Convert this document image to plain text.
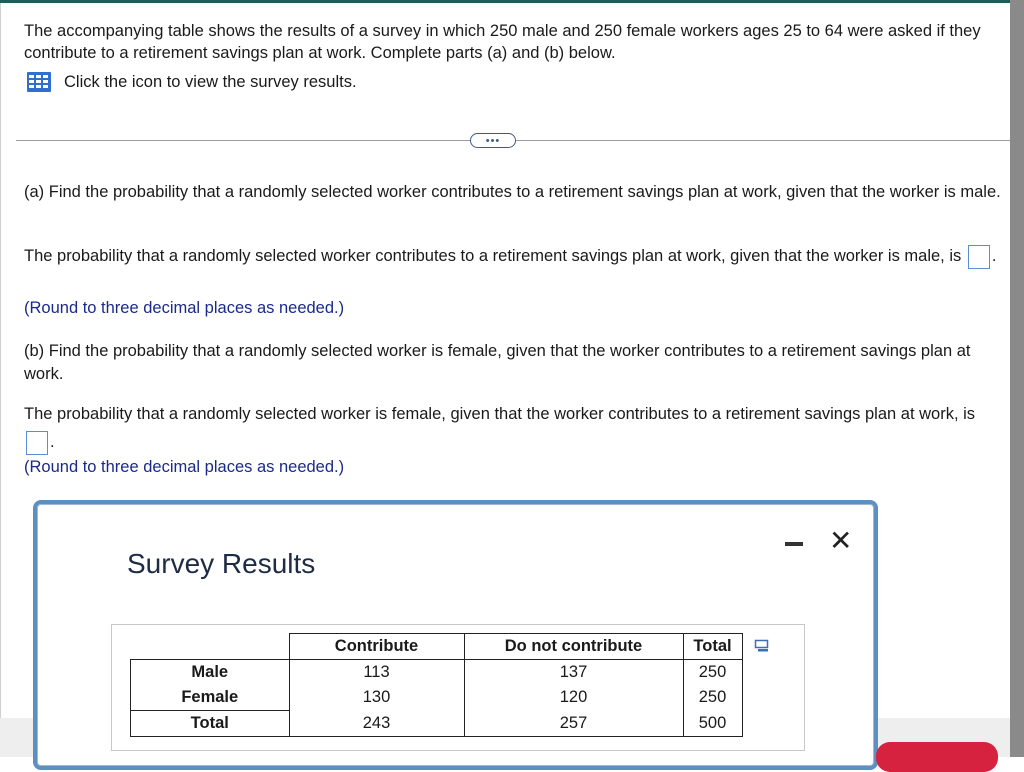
The accompanying table shows the results of a survey in which 250 male and 250 female workers ages 25 to 64 were asked if they contribute to a retirement savings plan at work. Complete parts (a) and (b) below.
Click the icon to view the survey results.
•••
(a) Find the probability that a randomly selected worker contributes to a retirement savings plan at work, given that the worker is male.
The probability that a randomly selected worker contributes to a retirement savings plan at work, given that the worker is male, is .
(Round to three decimal places as needed.)
(b) Find the probability that a randomly selected worker is female, given that the worker contributes to a retirement savings plan at work.
The probability that a randomly selected worker is female, given that the worker contributes to a retirement savings plan at work, is .
(Round to three decimal places as needed.)
Survey Results
✕
	Contribute	Do not contribute	Total
Male	113	137	250
Female	130	120	250
Total	243	257	500
